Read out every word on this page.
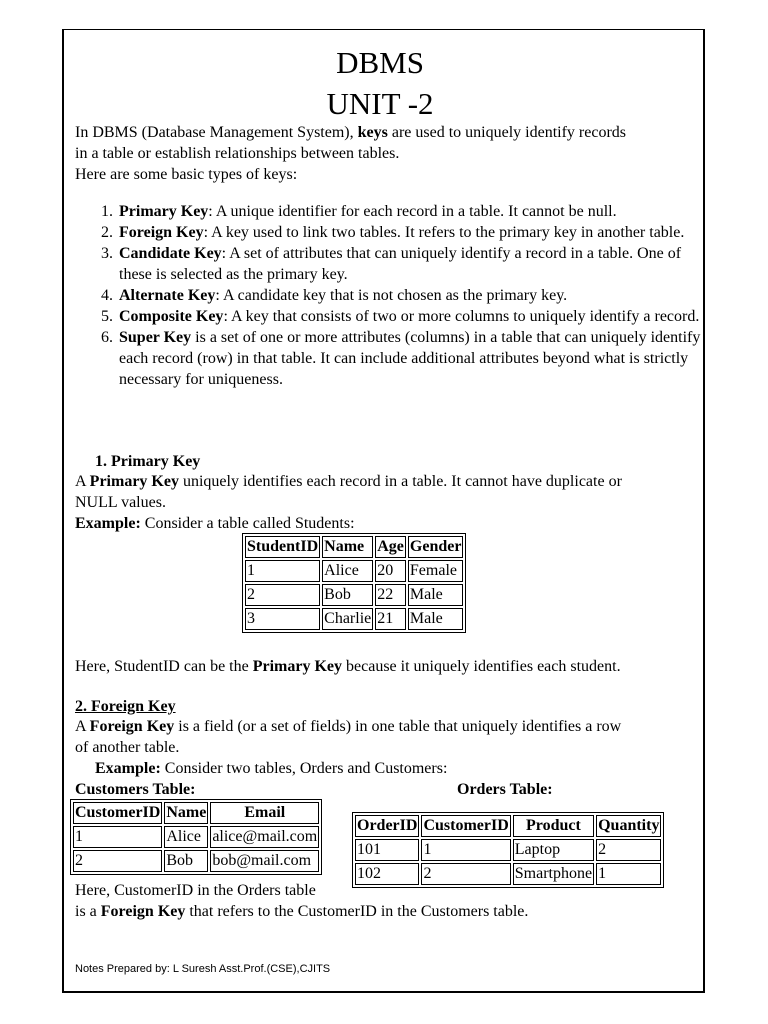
DBMS
UNIT -2
In DBMS (Database Management System), keys are used to uniquely identify records
in a table or establish relationships between tables.
Here are some basic types of keys:
1. Primary Key: A unique identifier for each record in a table. It cannot be null.
2. Foreign Key: A key used to link two tables. It refers to the primary key in another table.
3. Candidate Key: A set of attributes that can uniquely identify a record in a table. One of these is selected as the primary key.
4. Alternate Key: A candidate key that is not chosen as the primary key.
5. Composite Key: A key that consists of two or more columns to uniquely identify a record.
6. Super Key is a set of one or more attributes (columns) in a table that can uniquely identify each record (row) in that table. It can include additional attributes beyond what is strictly necessary for uniqueness.
1. Primary Key
A Primary Key uniquely identifies each record in a table. It cannot have duplicate or
NULL values.
Example: Consider a table called Students:
StudentID	Name	Age	Gender
1	Alice	20	Female
2	Bob	22	Male
3	Charlie	21	Male
Here, StudentID can be the Primary Key because it uniquely identifies each student.
2. Foreign Key
A Foreign Key is a field (or a set of fields) in one table that uniquely identifies a row
of another table.
Example: Consider two tables, Orders and Customers:
Customers Table:	Orders Table:
CustomerID	Name	Email
1	Alice	alice@mail.com
2	Bob	bob@mail.com
OrderID	CustomerID	Product	Quantity
101	1	Laptop	2
102	2	Smartphone	1
Here, CustomerID in the Orders table
is a Foreign Key that refers to the CustomerID in the Customers table.
Notes Prepared by: L Suresh Asst.Prof.(CSE),CJITS
